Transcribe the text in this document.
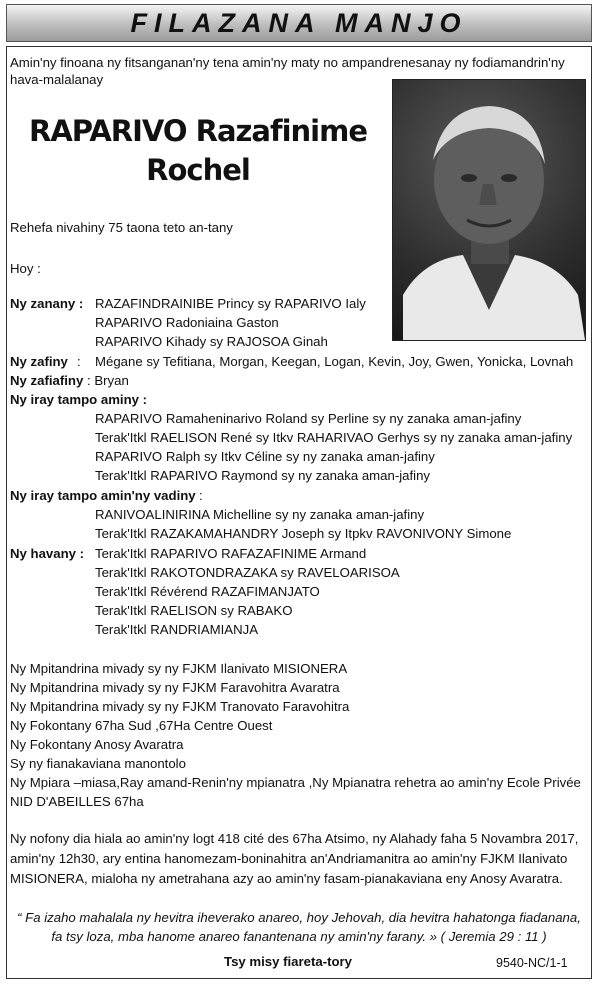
FILAZANA MANJO
Amin'ny finoana ny fitsanganan'ny tena amin'ny maty no ampandrenesanay ny fodiamandrin'ny
hava-malalanay
RAPARIVO Razafinime
Rochel
Rehefa nivahiny 75 taona teto an-tany
Hoy :
Ny zanany : RAZAFINDRAINIBE Princy sy RAPARIVO Ialy
RAPARIVO Radoniaina Gaston
RAPARIVO Kihady sy RAJOSOA Ginah
Ny zafiny : Mégane sy Tefitiana, Morgan, Keegan, Logan, Kevin, Joy, Gwen, Yonicka, Lovnah
Ny zafiafiny : Bryan
Ny iray tampo aminy :
RAPARIVO Ramaheninarivo Roland sy Perline sy ny zanaka aman-jafiny
Terak'Itkl RAELISON René sy Itkv RAHARIVAO Gerhys sy ny zanaka aman-jafiny
RAPARIVO Ralph sy Itkv Céline sy ny zanaka aman-jafiny
Terak'Itkl RAPARIVO Raymond sy ny zanaka aman-jafiny
Ny iray tampo amin'ny vadiny :
RANIVOALINIRINA Michelline sy ny zanaka aman-jafiny
Terak'Itkl RAZAKAMAHANDRY Joseph sy Itpkv RAVONIVONY Simone
Ny havany : Terak'Itkl RAPARIVO RAFAZAFINIME Armand
Terak'Itkl RAKOTONDRAZAKA sy RAVELOARISOA
Terak'Itkl Révérend RAZAFIMANJATO
Terak'Itkl RAELISON sy RABAKO
Terak'Itkl RANDRIAMIANJA
Ny Mpitandrina mivady sy ny FJKM Ilanivato MISIONERA
Ny Mpitandrina mivady sy ny FJKM Faravohitra Avaratra
Ny Mpitandrina mivady sy ny FJKM Tranovato Faravohitra
Ny Fokontany 67ha Sud ,67Ha Centre Ouest
Ny Fokontany Anosy Avaratra
Sy ny fianakaviana manontolo
Ny Mpiara –miasa,Ray amand-Renin'ny mpianatra ,Ny Mpianatra rehetra ao amin'ny Ecole Privée
NID D'ABEILLES 67ha
Ny nofony dia hiala ao amin'ny logt 418 cité des 67ha Atsimo, ny Alahady faha 5 Novambra 2017,
amin'ny 12h30, ary entina hanomezam-boninahitra an'Andriamanitra ao amin'ny FJKM Ilanivato
MISIONERA, mialoha ny ametrahana azy ao amin'ny fasam-pianakaviana eny Anosy Avaratra.
“ Fa izaho mahalala ny hevitra iheverako anareo, hoy Jehovah, dia hevitra hahatonga fiadanana,
fa tsy loza, mba hanome anareo fanantenana ny amin'ny farany. » ( Jeremia 29 : 11 )
Tsy misy fiareta-tory	9540-NC/1-1
